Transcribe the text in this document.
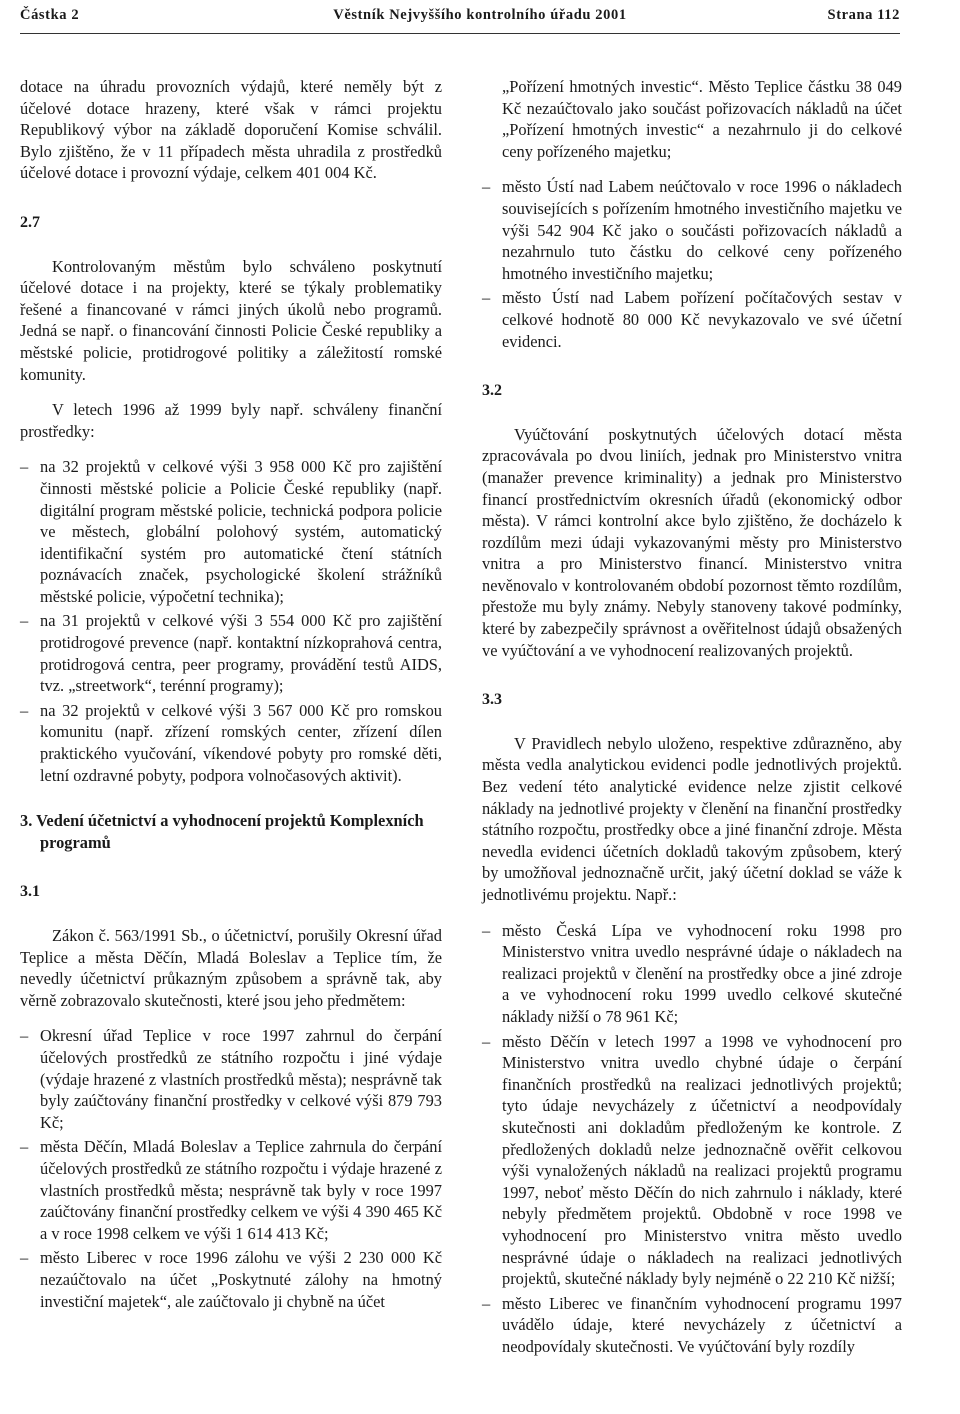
Částka 2	Věstník Nejvyššího kontrolního úřadu 2001	Strana 112

dotace na úhradu provozních výdajů, které neměly být z účelové dotace hrazeny, které však v rámci projektu Republikový výbor na základě doporučení Komise schválil. Bylo zjištěno, že v 11 případech města uhradila z prostředků účelové dotace i provozní výdaje, celkem 401 004 Kč.

2.7

Kontrolovaným městům bylo schváleno poskytnutí účelové dotace i na projekty, které se týkaly problematiky řešené a financované v rámci jiných úkolů nebo programů. Jedná se např. o financování činnosti Policie České republiky a městské policie, protidrogové politiky a záležitostí romské komunity.

V letech 1996 až 1999 byly např. schváleny finanční prostředky:

– na 32 projektů v celkové výši 3 958 000 Kč pro zajištění činnosti městské policie a Policie České republiky (např. digitální program městské policie, technická podpora policie ve městech, globální polohový systém, automatický identifikační systém pro automatické čtení státních poznávacích značek, psychologické školení strážníků městské policie, výpočetní technika);
– na 31 projektů v celkové výši 3 554 000 Kč pro zajištění protidrogové prevence (např. kontaktní nízkoprahová centra, protidrogová centra, peer programy, provádění testů AIDS, tvz. „streetwork“, terénní programy);
– na 32 projektů v celkové výši 3 567 000 Kč pro romskou komunitu (např. zřízení romských center, zřízení dílen praktického vyučování, víkendové pobyty pro romské děti, letní ozdravné pobyty, podpora volnočasových aktivit).
3. Vedení účetnictví a vyhodnocení projektů Komplexních programů
3.1

Zákon č. 563/1991 Sb., o účetnictví, porušily Okresní úřad Teplice a města Děčín, Mladá Boleslav a Teplice tím, že nevedly účetnictví průkazným způsobem a správně tak, aby věrně zobrazovalo skutečnosti, které jsou jeho předmětem:

– Okresní úřad Teplice v roce 1997 zahrnul do čerpání účelových prostředků ze státního rozpočtu i jiné výdaje (výdaje hrazené z vlastních prostředků města); nesprávně tak byly zaúčtovány finanční prostředky v celkové výši 879 793 Kč;
– města Děčín, Mladá Boleslav a Teplice zahrnula do čerpání účelových prostředků ze státního rozpočtu i výdaje hrazené z vlastních prostředků města; nesprávně tak byly v roce 1997 zaúčtovány finanční prostředky celkem ve výši 4 390 465 Kč a v roce 1998 celkem ve výši 1 614 413 Kč;
– město Liberec v roce 1996 zálohu ve výši 2 230 000 Kč nezaúčtovalo na účet „Poskytnuté zálohy na hmotný investiční majetek“, ale zaúčtovalo ji chybně na účet

„Pořízení hmotných investic“. Město Teplice částku 38 049 Kč nezaúčtovalo jako součást pořizovacích nákladů na účet „Pořízení hmotných investic“ a nezahrnulo ji do celkové ceny pořízeného majetku;

– město Ústí nad Labem neúčtovalo v roce 1996 o nákladech souvisejících s pořízením hmotného investičního majetku ve výši 542 904 Kč jako o součásti pořizovacích nákladů a nezahrnulo tuto částku do celkové ceny pořízeného hmotného investičního majetku;
– město Ústí nad Labem pořízení počítačových sestav v celkové hodnotě 80 000 Kč nevykazovalo ve své účetní evidenci.
3.2

Vyúčtování poskytnutých účelových dotací města zpracovávala po dvou liniích, jednak pro Ministerstvo vnitra (manažer prevence kriminality) a jednak pro Ministerstvo financí prostřednictvím okresních úřadů (ekonomický odbor města). V rámci kontrolní akce bylo zjištěno, že docházelo k rozdílům mezi údaji vykazovanými městy pro Ministerstvo vnitra a pro Ministerstvo financí. Ministerstvo vnitra nevěnovalo v kontrolovaném období pozornost těmto rozdílům, přestože mu byly známy. Nebyly stanoveny takové podmínky, které by zabezpečily správnost a ověřitelnost údajů obsažených ve vyúčtování a ve vyhodnocení realizovaných projektů.

3.3

V Pravidlech nebylo uloženo, respektive zdůrazněno, aby města vedla analytickou evidenci podle jednotlivých projektů. Bez vedení této analytické evidence nelze zjistit celkové náklady na jednotlivé projekty v členění na finanční prostředky státního rozpočtu, prostředky obce a jiné finanční zdroje. Města nevedla evidenci účetních dokladů takovým způsobem, který by umožňoval jednoznačně určit, jaký účetní doklad se váže k jednotlivému projektu. Např.:

– město Česká Lípa ve vyhodnocení roku 1998 pro Ministerstvo vnitra uvedlo nesprávné údaje o nákladech na realizaci projektů v členění na prostředky obce a jiné zdroje a ve vyhodnocení roku 1999 uvedlo celkové skutečné náklady nižší o 78 961 Kč;
– město Děčín v letech 1997 a 1998 ve vyhodnocení pro Ministerstvo vnitra uvedlo chybné údaje o čerpání finančních prostředků na realizaci jednotlivých projektů; tyto údaje nevycházely z účetnictví a neodpovídaly skutečnosti ani dokladům předloženým ke kontrole. Z předložených dokladů nelze jednoznačně ověřit celkovou výši vynaložených nákladů na realizaci projektů programu 1997, neboť město Děčín do nich zahrnulo i náklady, které nebyly předmětem projektů. Obdobně v roce 1998 ve vyhodnocení pro Ministerstvo vnitra město uvedlo nesprávné údaje o nákladech na realizaci jednotlivých projektů, skutečné náklady byly nejméně o 22 210 Kč nižší;
– město Liberec ve finančním vyhodnocení programu 1997 uvádělo údaje, které nevycházely z účetnictví a neodpovídaly skutečnosti. Ve vyúčtování byly rozdíly
